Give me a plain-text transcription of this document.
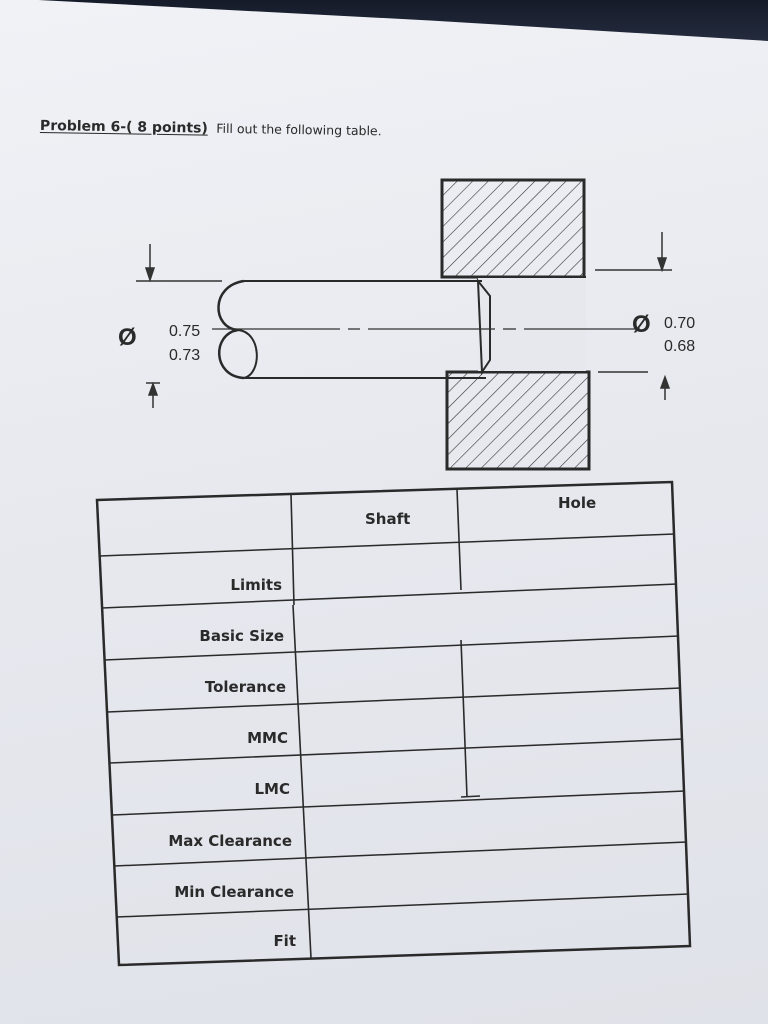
Problem 6-( 8 points) Fill out the following table.
Ø 0.75
0.73
Ø 0.70
0.68
Shaft
Hole
Limits
Basic Size
Tolerance
MMC
LMC
Max Clearance
Min Clearance
Fit
